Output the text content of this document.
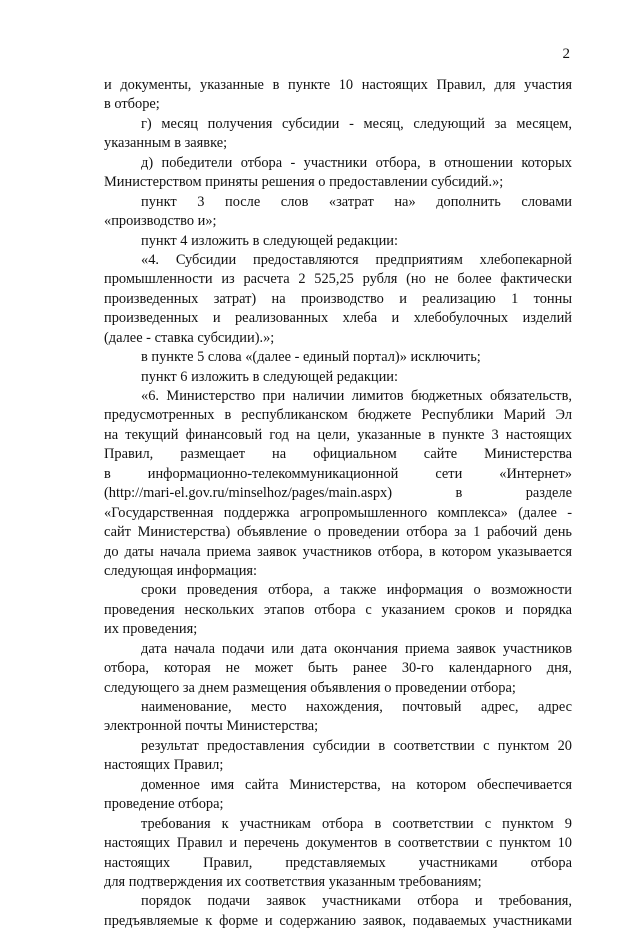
2
и документы, указанные в пункте 10 настоящих Правил, для участия
в отборе;
г) месяц получения субсидии - месяц, следующий за месяцем,
указанным в заявке;
д) победители отбора - участники отбора, в отношении которых
Министерством приняты решения о предоставлении субсидий.»;
пункт 3 после слов «затрат на» дополнить словами
«производство и»;
пункт 4 изложить в следующей редакции:
«4. Субсидии предоставляются предприятиям хлебопекарной
промышленности из расчета 2 525,25 рубля (но не более фактически
произведенных затрат) на производство и реализацию 1 тонны
произведенных и реализованных хлеба и хлебобулочных изделий
(далее - ставка субсидии).»;
в пункте 5 слова «(далее - единый портал)» исключить;
пункт 6 изложить в следующей редакции:
«6. Министерство при наличии лимитов бюджетных обязательств,
предусмотренных в республиканском бюджете Республики Марий Эл
на текущий финансовый год на цели, указанные в пункте 3 настоящих
Правил, размещает на официальном сайте Министерства
в информационно-телекоммуникационной сети «Интернет»
(http://mari-el.gov.ru/minselhoz/pages/main.aspx) в разделе
«Государственная поддержка агропромышленного комплекса» (далее -
сайт Министерства) объявление о проведении отбора за 1 рабочий день
до даты начала приема заявок участников отбора, в котором указывается
следующая информация:
сроки проведения отбора, а также информация о возможности
проведения нескольких этапов отбора с указанием сроков и порядка
их проведения;
дата начала подачи или дата окончания приема заявок участников
отбора, которая не может быть ранее 30-го календарного дня,
следующего за днем размещения объявления о проведении отбора;
наименование, место нахождения, почтовый адрес, адрес
электронной почты Министерства;
результат предоставления субсидии в соответствии с пунктом 20
настоящих Правил;
доменное имя сайта Министерства, на котором обеспечивается
проведение отбора;
требования к участникам отбора в соответствии с пунктом 9
настоящих Правил и перечень документов в соответствии с пунктом 10
настоящих Правил, представляемых участниками отбора
для подтверждения их соответствия указанным требованиям;
порядок подачи заявок участниками отбора и требования,
предъявляемые к форме и содержанию заявок, подаваемых участниками
